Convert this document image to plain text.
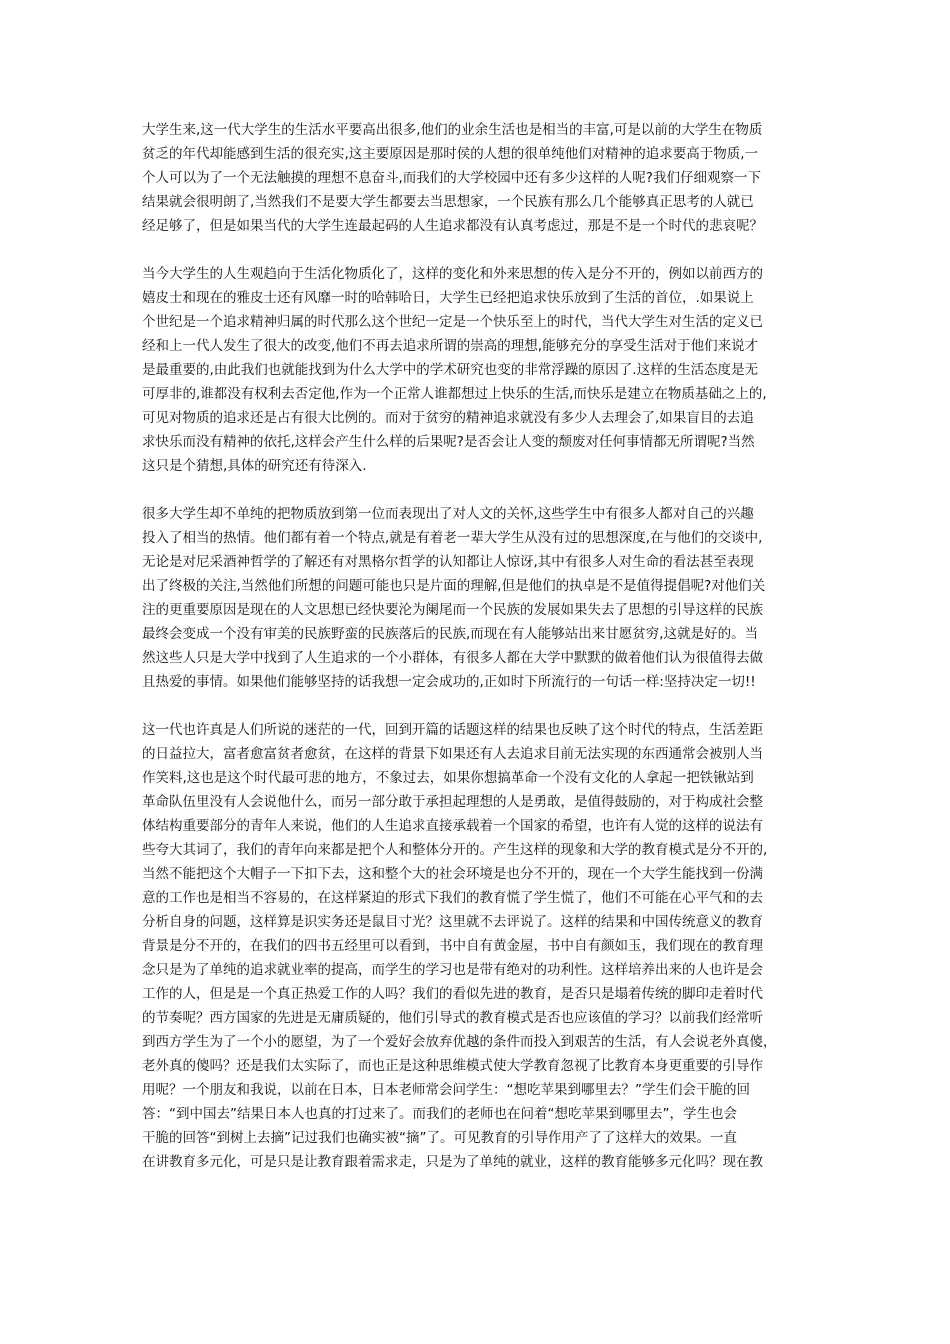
大学生来,这一代大学生的生活水平要高出很多,他们的业余生活也是相当的丰富,可是以前的大学生在物质
贫乏的年代却能感到生活的很充实,这主要原因是那时侯的人想的很单纯他们对精神的追求要高于物质,一
个人可以为了一个无法触摸的理想不息奋斗,而我们的大学校园中还有多少这样的人呢?我们仔细观察一下
结果就会很明朗了,当然我们不是要大学生都要去当思想家，一个民族有那么几个能够真正思考的人就已
经足够了，但是如果当代的大学生连最起码的人生追求都没有认真考虑过，那是不是一个时代的悲哀呢？
当今大学生的人生观趋向于生活化物质化了，这样的变化和外来思想的传入是分不开的，例如以前西方的
嬉皮士和现在的雅皮士还有风靡一时的哈韩哈日，大学生已经把追求快乐放到了生活的首位，.如果说上
个世纪是一个追求精神归属的时代那么这个世纪一定是一个快乐至上的时代，当代大学生对生活的定义已
经和上一代人发生了很大的改变,他们不再去追求所谓的崇高的理想,能够充分的享受生活对于他们来说才
是最重要的,由此我们也就能找到为什么大学中的学术研究也变的非常浮躁的原因了.这样的生活态度是无
可厚非的,谁都没有权利去否定他,作为一个正常人谁都想过上快乐的生活,而快乐是建立在物质基础之上的,
可见对物质的追求还是占有很大比例的。而对于贫穷的精神追求就没有多少人去理会了,如果盲目的去追
求快乐而没有精神的依托,这样会产生什么样的后果呢?是否会让人变的颓废对任何事情都无所谓呢?当然
这只是个猜想,具体的研究还有待深入.
很多大学生却不单纯的把物质放到第一位而表现出了对人文的关怀,这些学生中有很多人都对自己的兴趣
投入了相当的热情。他们都有着一个特点,就是有着老一辈大学生从没有过的思想深度,在与他们的交谈中,
无论是对尼采酒神哲学的了解还有对黑格尔哲学的认知都让人惊讶,其中有很多人对生命的看法甚至表现
出了终极的关注,当然他们所想的问题可能也只是片面的理解,但是他们的执卓是不是值得提倡呢?对他们关
注的更重要原因是现在的人文思想已经快要沦为阑尾而一个民族的发展如果失去了思想的引导这样的民族
最终会变成一个没有审美的民族野蛮的民族落后的民族,而现在有人能够站出来甘愿贫穷,这就是好的。当
然这些人只是大学中找到了人生追求的一个小群体，有很多人都在大学中默默的做着他们认为很值得去做
且热爱的事情。如果他们能够坚持的话我想一定会成功的,正如时下所流行的一句话一样:坚持决定一切!!
这一代也许真是人们所说的迷茫的一代，回到开篇的话题这样的结果也反映了这个时代的特点，生活差距
的日益拉大，富者愈富贫者愈贫，在这样的背景下如果还有人去追求目前无法实现的东西通常会被别人当
作笑料,这也是这个时代最可悲的地方，不象过去，如果你想搞革命一个没有文化的人拿起一把铁锹站到
革命队伍里没有人会说他什么，而另一部分敢于承担起理想的人是勇敢，是值得鼓励的，对于构成社会整
体结构重要部分的青年人来说，他们的人生追求直接承载着一个国家的希望，也许有人觉的这样的说法有
些夸大其词了，我们的青年向来都是把个人和整体分开的。产生这样的现象和大学的教育模式是分不开的,
当然不能把这个大帽子一下扣下去，这和整个大的社会环境是也分不开的，现在一个大学生能找到一份满
意的工作也是相当不容易的，在这样紧迫的形式下我们的教育慌了学生慌了，他们不可能在心平气和的去
分析自身的问题，这样算是识实务还是鼠目寸光？这里就不去评说了。这样的结果和中国传统意义的教育
背景是分不开的，在我们的四书五经里可以看到，书中自有黄金屋，书中自有颜如玉，我们现在的教育理
念只是为了单纯的追求就业率的提高，而学生的学习也是带有绝对的功利性。这样培养出来的人也许是会
工作的人，但是是一个真正热爱工作的人吗？我们的看似先进的教育，是否只是塌着传统的脚印走着时代
的节奏呢？西方国家的先进是无庸质疑的，他们引导式的教育模式是否也应该值的学习？以前我们经常听
到西方学生为了一个小的愿望，为了一个爱好会放弃优越的条件而投入到艰苦的生活，有人会说老外真傻，
老外真的傻吗？还是我们太实际了，而也正是这种思维模式使大学教育忽视了比教育本身更重要的引导作
用呢？一个朋友和我说，以前在日本，日本老师常会问学生：“想吃苹果到哪里去？”学生们会干脆的回
答：“到中国去”结果日本人也真的打过来了。而我们的老师也在问着“想吃苹果到哪里去”，学生也会
干脆的回答“到树上去摘”记过我们也确实被“摘”了。可见教育的引导作用产了了这样大的效果。一直
在讲教育多元化，可是只是让教育跟着需求走，只是为了单纯的就业，这样的教育能够多元化吗？现在教
